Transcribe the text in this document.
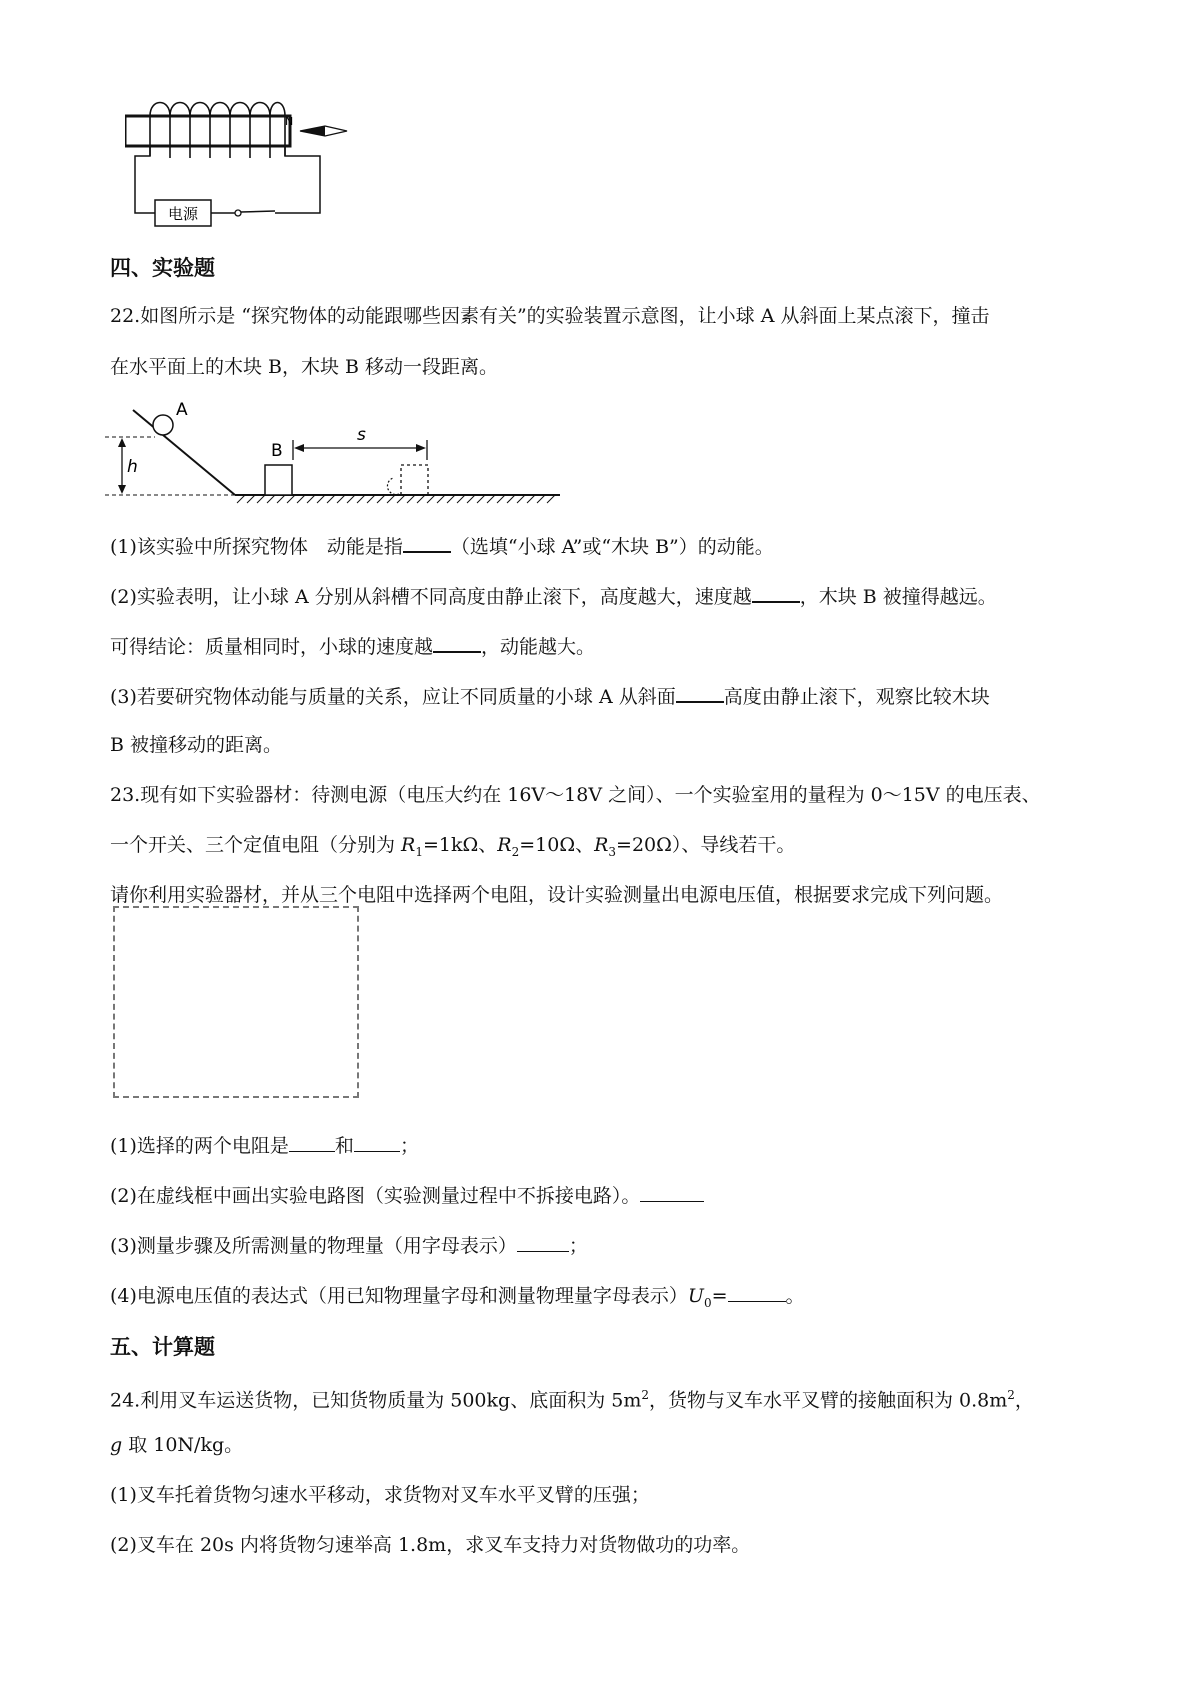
电源
N
四、实验题
22.如图所示是 “探究物体的动能跟哪些因素有关”的实验装置示意图，让小球 A 从斜面上某点滚下，撞击
在水平面上的木块 B，木块 B 移动一段距离。
A
h
B
s
(1)该实验中所探究物体　动能是指	（选填“小球 A”或“木块 B”）的动能。
(2)实验表明，让小球 A 分别从斜槽不同高度由静止滚下，高度越大，速度越	，木块 B 被撞得越远。
可得结论：质量相同时，小球的速度越	，动能越大。
(3)若要研究物体动能与质量的关系，应让不同质量的小球 A 从斜面	高度由静止滚下，观察比较木块
B 被撞移动的距离。
23.现有如下实验器材：待测电源（电压大约在 16V～18V 之间）、一个实验室用的量程为 0～15V 的电压表、
一个开关、三个定值电阻（分别为 $R_1=1k\Omega$、$R_2=10\Omega$、$R_3=20\Omega$）、导线若干。
请你利用实验器材，并从三个电阻中选择两个电阻，设计实验测量出电源电压值，根据要求完成下列问题。
(1)选择的两个电阻是 和 ；
(2)在虚线框中画出实验电路图（实验测量过程中不拆接电路）。
(3)测量步骤及所需测量的物理量（用字母表示）	；
(4)电源电压值的表达式（用已知物理量字母和测量物理量字母表示）$U_0=$	。
五、计算题
24.利用叉车运送货物，已知货物质量为 500kg、底面积为 $5m^2$，货物与叉车水平叉臂的接触面积为 $0.8m^2$，
g 取 10N/kg。
(1)叉车托着货物匀速水平移动，求货物对叉车水平叉臂的压强；
(2)叉车在 20s 内将货物匀速举高 1.8m，求叉车支持力对货物做功的功率。
